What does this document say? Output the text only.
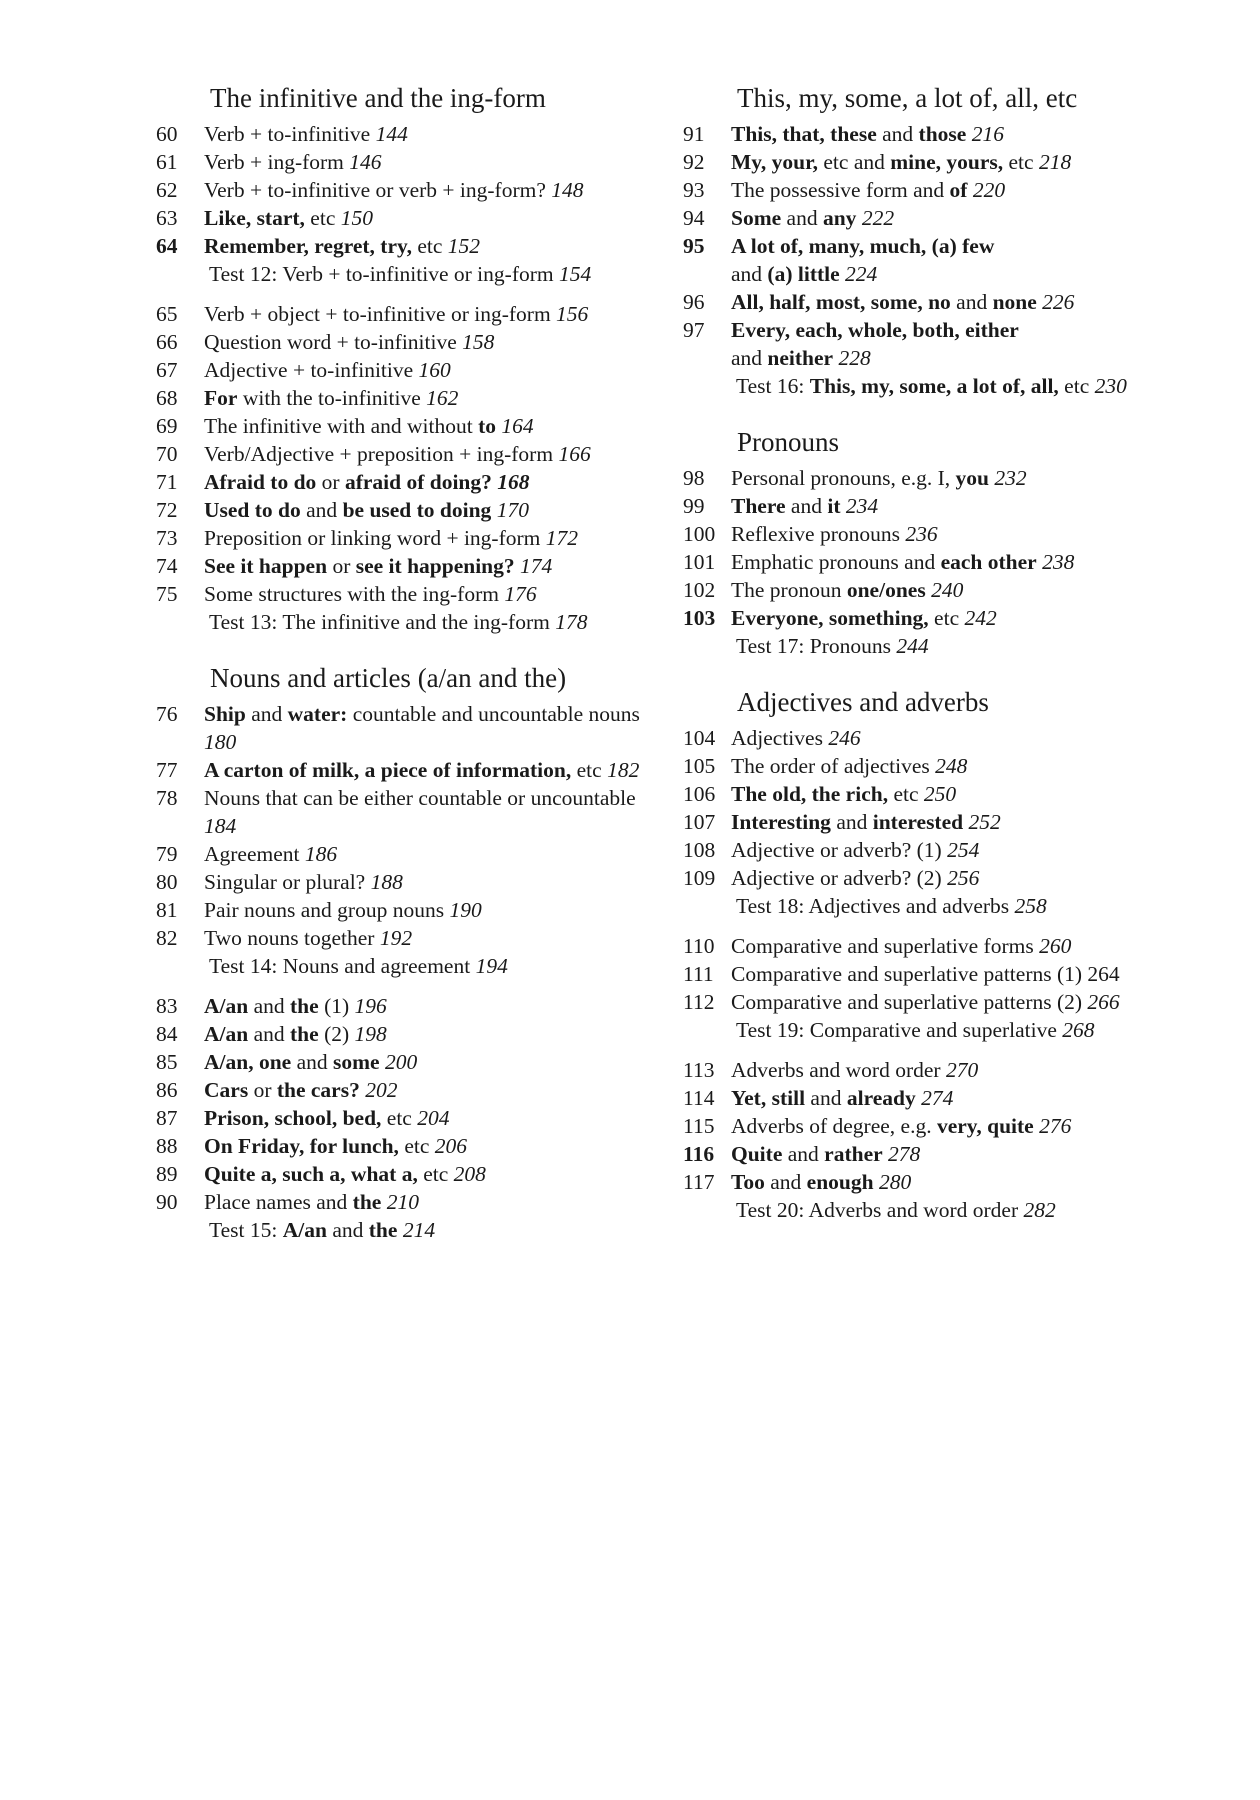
The infinitive and the ing-form
60	Verb + to-infinitive 144
61	Verb + ing-form 146
62	Verb + to-infinitive or verb + ing-form? 148
63	Like, start, etc 150
64	Remember, regret, try, etc 152
Test 12: Verb + to-infinitive or ing-form 154
65	Verb + object + to-infinitive or ing-form 156
66	Question word + to-infinitive 158
67	Adjective + to-infinitive 160
68	For with the to-infinitive 162
69	The infinitive with and without to 164
70	Verb/Adjective + preposition + ing-form 166
71	Afraid to do or afraid of doing? 168
72	Used to do and be used to doing 170
73	Preposition or linking word + ing-form 172
74	See it happen or see it happening? 174
75	Some structures with the ing-form 176
Test 13: The infinitive and the ing-form 178
Nouns and articles (a/an and the)
76	Ship and water: countable and uncountable nouns 180
77	A carton of milk, a piece of information, etc 182
78	Nouns that can be either countable or uncountable 184
79	Agreement 186
80	Singular or plural? 188
81	Pair nouns and group nouns 190
82	Two nouns together 192
Test 14: Nouns and agreement 194
83	A/an and the (1) 196
84	A/an and the (2) 198
85	A/an, one and some 200
86	Cars or the cars? 202
87	Prison, school, bed, etc 204
88	On Friday, for lunch, etc 206
89	Quite a, such a, what a, etc 208
90	Place names and the 210
Test 15: A/an and the 214
This, my, some, a lot of, all, etc
91	This, that, these and those 216
92	My, your, etc and mine, yours, etc 218
93	The possessive form and of 220
94	Some and any 222
95	A lot of, many, much, (a) few
and (a) little 224
96	All, half, most, some, no and none 226
97	Every, each, whole, both, either
and neither 228
Test 16: This, my, some, a lot of, all, etc 230
Pronouns
98	Personal pronouns, e.g. I, you 232
99	There and it 234
100 Reflexive pronouns 236
101 Emphatic pronouns and each other 238
102 The pronoun one/ones 240
103 Everyone, something, etc 242
Test 17: Pronouns 244
Adjectives and adverbs
104 Adjectives 246
105 The order of adjectives 248
106 The old, the rich, etc 250
107 Interesting and interested 252
108 Adjective or adverb? (1) 254
109 Adjective or adverb? (2) 256
Test 18: Adjectives and adverbs 258
110 Comparative and superlative forms 260
111 Comparative and superlative patterns (1) 264
112 Comparative and superlative patterns (2) 266
Test 19: Comparative and superlative 268
113 Adverbs and word order 270
114 Yet, still and already 274
115 Adverbs of degree, e.g. very, quite 276
116 Quite and rather 278
117 Too and enough 280
Test 20: Adverbs and word order 282
